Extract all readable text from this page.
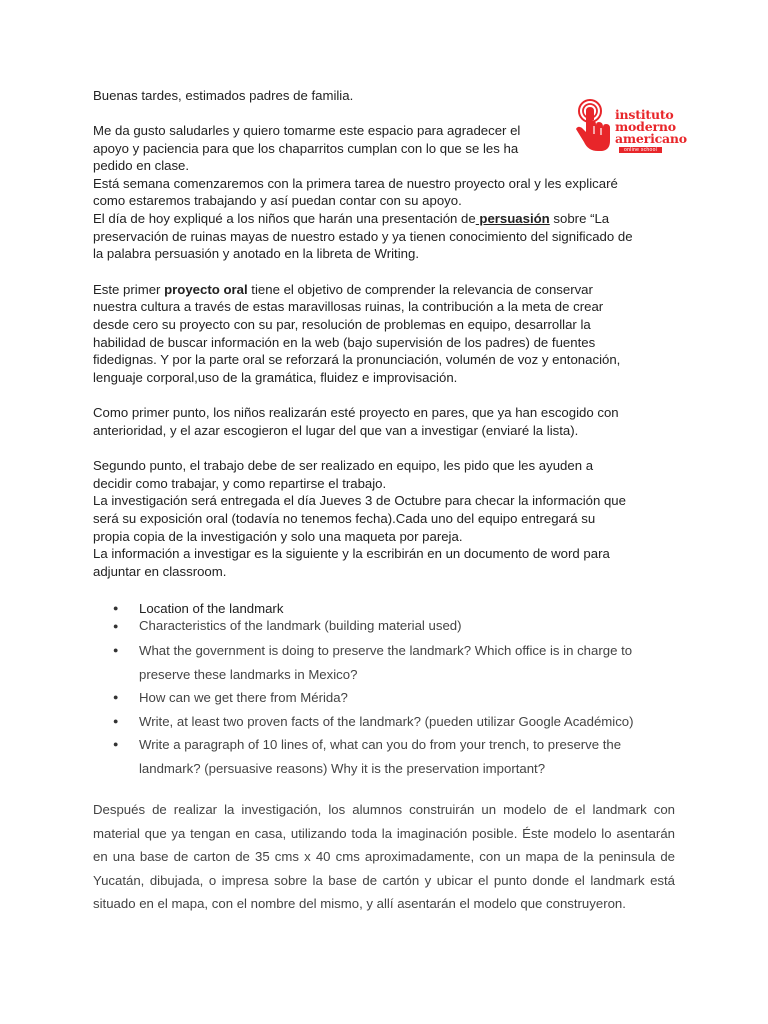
instituto
moderno
americano
online school

Buenas tardes, estimados padres de familia.

Me da gusto saludarles y quiero tomarme este espacio para agradecer el

apoyo y paciencia para que los chaparritos cumplan con lo que se les ha

pedido en clase.

Está semana comenzaremos con la primera tarea de nuestro proyecto oral y les explicaré

como estaremos trabajando y así puedan contar con su apoyo.

El día de hoy expliqué a los niños que harán una presentación de persuasión sobre “La

preservación de ruinas mayas de nuestro estado y ya tienen conocimiento del significado de

la palabra persuasión y anotado en la libreta de Writing.

Este primer proyecto oral tiene el objetivo de comprender la relevancia de conservar

nuestra cultura a través de estas maravillosas ruinas, la contribución a la meta de crear

desde cero su proyecto con su par, resolución de problemas en equipo, desarrollar la

habilidad de buscar información en la web (bajo supervisión de los padres) de fuentes

fidedignas. Y por la parte oral se reforzará la pronunciación, volumén de voz y entonación,

lenguaje corporal,uso de la gramática, fluidez e improvisación.

Como primer punto, los niños realizarán esté proyecto en pares, que ya han escogido con

anterioridad, y el azar escogieron el lugar del que van a investigar (enviaré la lista).

Segundo punto, el trabajo debe de ser realizado en equipo, les pido que les ayuden a

decidir como trabajar, y como repartirse el trabajo.

La investigación será entregada el día Jueves 3 de Octubre para checar la información que

será su exposición oral (todavía no tenemos fecha).Cada uno del equipo entregará su

propia copia de la investigación y solo una maqueta por pareja.

La información a investigar es la siguiente y la escribirán en un documento de word para

adjuntar en classroom.

● Location of the landmark
● Characteristics of the landmark (building material used)
● What the government is doing to preserve the landmark? Which office is in charge to preserve these landmarks in Mexico?
● How can we get there from Mérida?
● Write, at least two proven facts of the landmark? (pueden utilizar Google Académico)
● Write a paragraph of 10 lines of, what can you do from your trench, to preserve the landmark? (persuasive reasons) Why it is the preservation important?

Después de realizar la investigación, los alumnos construirán un modelo de el landmark con material que ya tengan en casa, utilizando toda la imaginación posible. Éste modelo lo asentarán en una base de carton de 35 cms x 40 cms aproximadamente, con un mapa de la peninsula de Yucatán, dibujada, o impresa sobre la base de cartón y ubicar el punto donde el landmark está situado en el mapa, con el nombre del mismo, y allí asentarán el modelo que construyeron.
